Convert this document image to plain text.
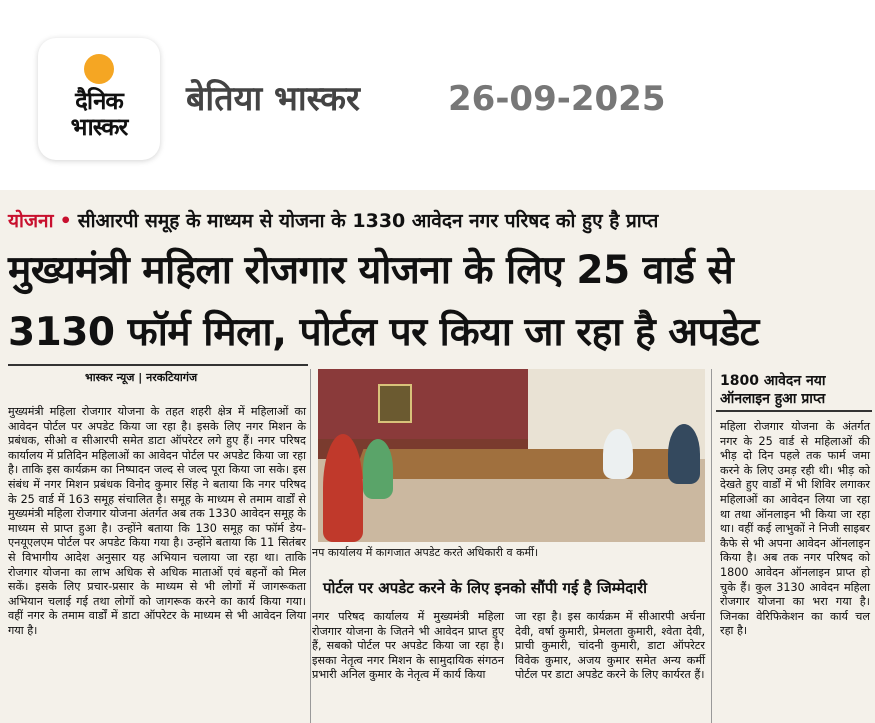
दैनिक
भास्कर
बेतिया भास्कर	26-09-2025
योजना • सीआरपी समूह के माध्यम से योजना के 1330 आवेदन नगर परिषद को हुए है प्राप्त
मुख्यमंत्री महिला रोजगार योजना के लिए 25 वार्ड से
3130 फॉर्म मिला, पोर्टल पर किया जा रहा है अपडेट
भास्कर न्यूज | नरकटियागंज
मुख्यमंत्री महिला रोजगार योजना के तहत शहरी क्षेत्र में महिलाओं का आवेदन पोर्टल पर अपडेट किया जा रहा है। इसके लिए नगर मिशन के प्रबंधक, सीओ व सीआरपी समेत डाटा ऑपरेटर लगे हुए हैं। नगर परिषद कार्यालय में प्रतिदिन महिलाओं का आवेदन पोर्टल पर अपडेट किया जा रहा है। ताकि इस कार्यक्रम का निष्पादन जल्द से जल्द पूरा किया जा सके। इस संबंध में नगर मिशन प्रबंधक विनोद कुमार सिंह ने बताया कि नगर परिषद के 25 वार्ड में 163 समूह संचालित है। समूह के माध्यम से तमाम वार्डों से मुख्यमंत्री महिला रोजगार योजना अंतर्गत अब तक 1330 आवेदन समूह के माध्यम से प्राप्त हुआ है। उन्होंने बताया कि 130 समूह का फॉर्म डेय- एनयूएलएम पोर्टल पर अपडेट किया गया है। उन्होंने बताया कि 11 सितंबर से विभागीय आदेश अनुसार यह अभियान चलाया जा रहा था। ताकि रोजगार योजना का लाभ अधिक से अधिक माताओं एवं बहनों को मिल सकें। इसके लिए प्रचार-प्रसार के माध्यम से भी लोगों में जागरूकता अभियान चलाई गई तथा लोगों को जागरूक करने का कार्य किया गया। वहीं नगर के तमाम वार्डों में डाटा ऑपरेटर के माध्यम से भी आवेदन लिया गया है।
नप कार्यालय में कागजात अपडेट करते अधिकारी व कर्मी।
पोर्टल पर अपडेट करने के लिए इनको सौंपी गई है जिम्मेदारी
नगर परिषद कार्यालय में मुख्यमंत्री महिला रोजगार योजना के जितने भी आवेदन प्राप्त हुए हैं, सबको पोर्टल पर अपडेट किया जा रहा है। इसका नेतृत्व नगर मिशन के सामुदायिक संगठन प्रभारी अनिल कुमार के नेतृत्व में कार्य किया
जा रहा है। इस कार्यक्रम में सीआरपी अर्चना देवी, वर्षा कुमारी, प्रेमलता कुमारी, श्वेता देवी, प्राची कुमारी, चांदनी कुमारी, डाटा ऑपरेटर विवेक कुमार, अजय कुमार समेत अन्य कर्मी पोर्टल पर डाटा अपडेट करने के लिए कार्यरत हैं।
1800 आवेदन नया ऑनलाइन हुआ प्राप्त
महिला रोजगार योजना के अंतर्गत नगर के 25 वार्ड से महिलाओं की भीड़ दो दिन पहले तक फार्म जमा करने के लिए उमड़ रही थी। भीड़ को देखते हुए वार्डों में भी शिविर लगाकर महिलाओं का आवेदन लिया जा रहा था तथा ऑनलाइन भी किया जा रहा था। वहीं कई लाभुकों ने निजी साइबर कैफे से भी अपना आवेदन ऑनलाइन किया है। अब तक नगर परिषद को 1800 आवेदन ऑनलाइन प्राप्त हो चुके हैं। कुल 3130 आवेदन महिला रोजगार योजना का भरा गया है। जिनका वेरिफिकेशन का कार्य चल रहा है।
